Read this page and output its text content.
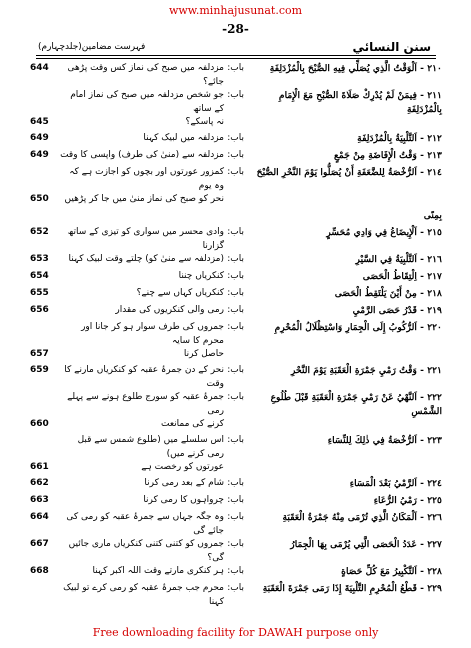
www.minhajusunat.com
-28-
سنن النسائي
فہرست مضامین(جلدچہارم)
٢١٠ - اَلْوَقْتُ الَّذِي يُصَلِّي فِيهِ الصُّبْحَ بِالْمُزْدَلِفَةِ
باب:
مزدلفہ میں صبح کی نماز کس وقت پڑھی جائے؟
644
٢١١ - فِيمَنْ لَمْ يُدْرِكْ صَلَاةَ الصُّبْحِ مَعَ الْإِمَامِ بِالْمُزْدَلِفَةِ
باب:
جو شخص مزدلفہ میں صبح کی نماز امام کے ساتھ
نہ پاسکے؟
645
٢١٢ - اَلتَّلْبِيَةُ بِالْمُزْدَلِفَةِ
باب:
مزدلفہ میں لبیک کہنا
649
٢١٣ - وَقْتُ الْإِفَاضَةِ مِنْ جَمْعٍ
باب:
مزدلفہ سے (منیٰ کی طرف) واپسی کا وقت
649
٢١٤ - اَلرُّخْصَةُ لِلضَّعَفَةِ أَنْ يُصَلُّوا يَوْمَ النَّحْرِ الصُّبْحَ
باب:
کمزور عورتوں اور بچوں کو اجازت ہے کہ وہ یوم
نحر کو صبح کی نماز منیٰ میں جا کر پڑھیں
650
بِمِنًى
٢١٥ - اَلْإِيضَاعُ فِي وَادِي مُحَسِّرٍ
باب:
وادی محسر میں سواری کو تیزی کے ساتھ گزارنا
652
٢١٦ - اَلتَّلْبِيَةُ فِي السَّيْرِ
باب:
(مزدلفہ سے منیٰ کو) چلتے وقت لبیک کہنا
653
٢١٧ - اِلْتِقَاطُ الْحَصَى
باب:
کنکریاں چننا
654
٢١٨ - مِنْ أَيْنَ يَلْتَقِطُ الْحَصَى
باب:
کنکریاں کہاں سے چنے؟
655
٢١٩ - قَدْرُ حَصَى الرَّمْيِ
باب:
رمی والی کنکریوں کی مقدار
656
٢٢٠ - اَلرُّكُوبُ إِلَى الْجِمَارِ وَاسْتِظْلَالُ الْمُحْرِمِ
باب:
جمروں کی طرف سوار ہو کر جانا اور محرم کا سایہ
حاصل کرنا
657
٢٢١ - وَقْتُ رَمْيِ جَمْرَةِ الْعَقَبَةِ يَوْمَ النَّحْرِ
باب:
نحر کے دن جمرۂ عقبہ کو کنکریاں مارنے کا وقت
659
٢٢٢ - اَلنَّهْيُ عَنْ رَمْيِ جَمْرَةِ الْعَقَبَةِ قَبْلَ طُلُوعِ الشَّمْسِ
باب:
جمرۂ عقبہ کو سورج طلوع ہونے سے پہلے رمی
کرنے کی ممانعت
660
٢٢٣ - اَلرُّخْصَةُ فِي ذٰلِكَ لِلنِّسَاءِ
باب:
اس سلسلے میں (طلوع شمس سے قبل رمی کرنے میں)
عورتوں کو رخصت ہے
661
٢٢٤ - اَلرَّمْيُ بَعْدَ الْمَسَاءِ
باب:
شام کے بعد رمی کرنا
662
٢٢٥ - رَمْيُ الرُّعَاءِ
باب:
چرواہوں کا رمی کرنا
663
٢٢٦ - اَلْمَكَانُ الَّذِي تُرْمَى مِنْهُ جَمْرَةُ الْعَقَبَةِ
باب:
وہ جگہ جہاں سے جمرۂ عقبہ کو رمی کی جائے گی
664
٢٢٧ - عَدَدُ الْحَصَى الَّتِي يُرْمَى بِهَا الْجِمَارُ
باب:
جمروں کو کتنی کتنی کنکریاں ماری جائیں گی؟
667
٢٢٨ - اَلتَّكْبِيرُ مَعَ كُلِّ حَصَاةٍ
باب:
ہر کنکری مارتے وقت اللہ اکبر کہنا
668
٢٢٩ - قَطْعُ الْمُحْرِمِ التَّلْبِيَةَ إِذَا رَمَى جَمْرَةَ الْعَقَبَةِ
باب:
محرم جب جمرۂ عقبہ کو رمی کرے تو لبیک کہنا
Free downloading facility for DAWAH purpose only
